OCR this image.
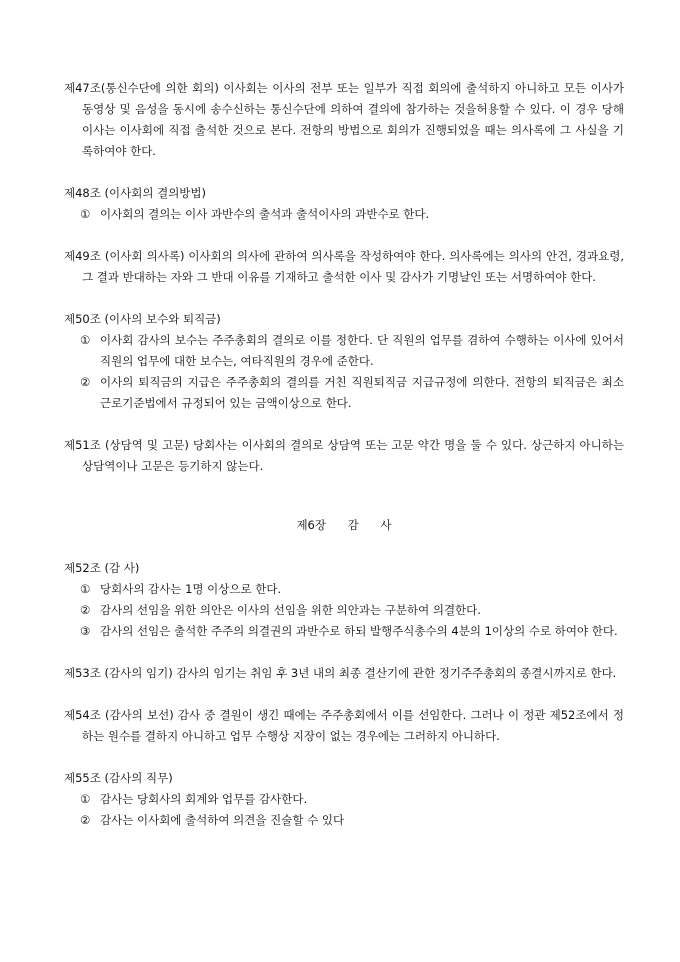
제47조(통신수단에 의한 회의) 이사회는 이사의 전부 또는 일부가 직접 회의에 출석하지 아니하고 모든 이사가 동영상 및 음성을 동시에 송수신하는 통신수단에 의하여 결의에 참가하는 것을허용할 수 있다. 이 경우 당해 이사는 이사회에 직접 출석한 것으로 본다. 전항의 방법으로 회의가 진행되었을 때는 의사록에 그 사실을 기록하여야 한다.
제48조 (이사회의 결의방법)
① 이사회의 결의는 이사 과반수의 출석과 출석이사의 과반수로 한다.
제49조 (이사회 의사록) 이사회의 의사에 관하여 의사록을 작성하여야 한다. 의사록에는 의사의 안건, 경과요령, 그 결과 반대하는 자와 그 반대 이유를 기재하고 출석한 이사 및 감사가 기명날인 또는 서명하여야 한다.
제50조 (이사의 보수와 퇴직금)
① 이사회 감사의 보수는 주주총회의 결의로 이를 정한다. 단 직원의 업무를 겸하여 수행하는 이사에 있어서 직원의 업무에 대한 보수는, 여타직원의 경우에 준한다.
② 이사의 퇴직금의 지급은 주주총회의 결의를 거친 직원퇴직금 지급규정에 의한다. 전항의 퇴직금은 최소 근로기준법에서 규정되어 있는 금액이상으로 한다.
제51조 (상담역 및 고문) 당회사는 이사회의 결의로 상담역 또는 고문 약간 명을 둘 수 있다. 상근하지 아니하는 상담역이나 고문은 등기하지 않는다.
제6장 감 사
제52조 (감 사)
① 당회사의 감사는 1명 이상으로 한다.
② 감사의 선임을 위한 의안은 이사의 선임을 위한 의안과는 구분하여 의결한다.
③ 감사의 선임은 출석한 주주의 의결권의 과반수로 하되 발행주식총수의 4분의 1이상의 수로 하여야 한다.
제53조 (감사의 임기) 감사의 임기는 취임 후 3년 내의 최종 결산기에 관한 정기주주총회의 종결시까지로 한다.
제54조 (감사의 보선) 감사 중 결원이 생긴 때에는 주주총회에서 이를 선임한다. 그러나 이 정관 제52조에서 정하는 원수를 결하지 아니하고 업무 수행상 지장이 없는 경우에는 그러하지 아니하다.
제55조 (감사의 직무)
① 감사는 당회사의 회계와 업무를 감사한다.
② 감사는 이사회에 출석하여 의견을 진술할 수 있다
